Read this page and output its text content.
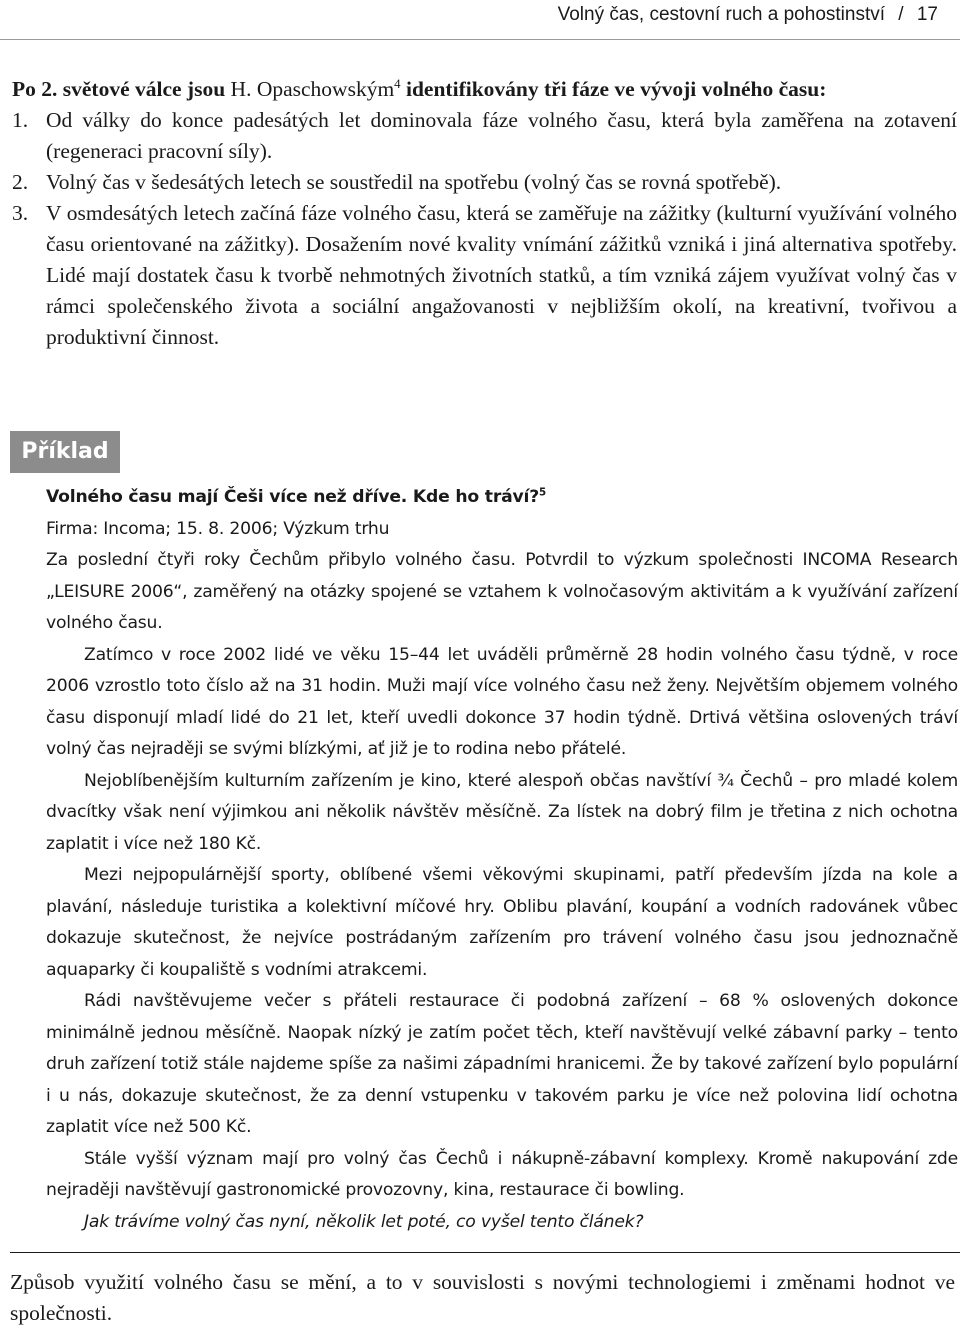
Volný čas, cestovní ruch a pohostinství / 17

Po 2. světové válce jsou H. Opaschowským$^4$ identifikovány tři fáze ve vývoji volného času:

1. Od války do konce padesátých let dominovala fáze volného času, která byla zaměřena na zotavení (regeneraci pracovní síly).

2. Volný čas v šedesátých letech se soustředil na spotřebu (volný čas se rovná spotřebě).

3. V osmdesátých letech začíná fáze volného času, která se zaměřuje na zážitky (kulturní využívání volného času orientované na zážitky). Dosažením nové kvality vnímání zážitků vzniká i jiná alternativa spotřeby. Lidé mají dostatek času k tvorbě nehmotných životních statků, a tím vzniká zájem využívat volný čas v rámci společenského života a sociální angažovanosti v nejbližším okolí, na kreativní, tvořivou a produktivní činnost.

Příklad

Volného času mají Češi více než dříve. Kde ho tráví?$^5$

Firma: Incoma; 15. 8. 2006; Výzkum trhu

Za poslední čtyři roky Čechům přibylo volného času. Potvrdil to výzkum společnosti INCOMA Research „LEISURE 2006“, zaměřený na otázky spojené se vztahem k volnočasovým aktivitám a k využívání zařízení volného času.

Zatímco v roce 2002 lidé ve věku 15–44 let uváděli průměrně 28 hodin volného času týdně, v roce 2006 vzrostlo toto číslo až na 31 hodin. Muži mají více volného času než ženy. Největším objemem volného času disponují mladí lidé do 21 let, kteří uvedli dokonce 37 hodin týdně. Drtivá většina oslovených tráví volný čas nejraději se svými blízkými, ať již je to rodina nebo přátelé.

Nejoblíbenějším kulturním zařízením je kino, které alespoň občas navštíví ¾ Čechů – pro mladé kolem dvacítky však není výjimkou ani několik návštěv měsíčně. Za lístek na dobrý film je třetina z nich ochotna zaplatit i více než 180 Kč.

Mezi nejpopulárnější sporty, oblíbené všemi věkovými skupinami, patří především jízda na kole a plavání, následuje turistika a kolektivní míčové hry. Oblibu plavání, koupání a vodních radovánek vůbec dokazuje skutečnost, že nejvíce postrádaným zařízením pro trávení volného času jsou jednoznačně aquaparky či koupaliště s vodními atrakcemi.

Rádi navštěvujeme večer s přáteli restaurace či podobná zařízení – 68 % oslovených dokonce minimálně jednou měsíčně. Naopak nízký je zatím počet těch, kteří navštěvují velké zábavní parky – tento druh zařízení totiž stále najdeme spíše za našimi západními hranicemi. Že by takové zařízení bylo populární i u nás, dokazuje skutečnost, že za denní vstupenku v takovém parku je více než polovina lidí ochotna zaplatit více než 500 Kč.

Stále vyšší význam mají pro volný čas Čechů i nákupně-zábavní komplexy. Kromě nakupování zde nejraději navštěvují gastronomické provozovny, kina, restaurace či bowling.

Jak trávíme volný čas nyní, několik let poté, co vyšel tento článek?

Způsob využití volného času se mění, a to v souvislosti s novými technologiemi i změnami hodnot ve společnosti.
